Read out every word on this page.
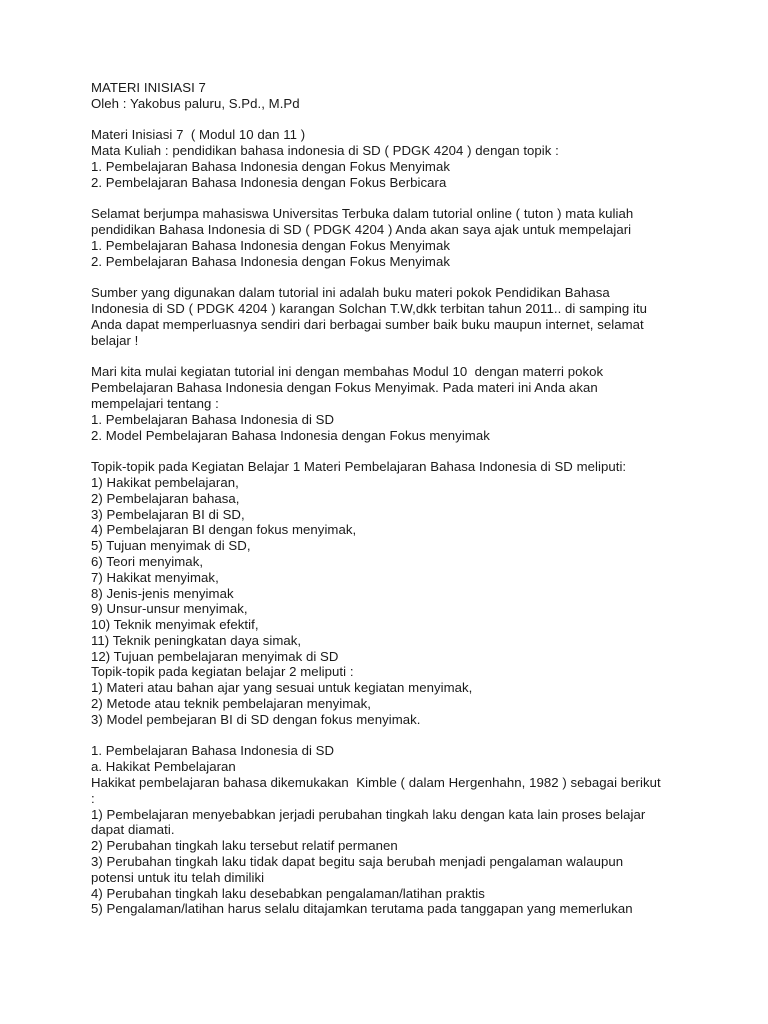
MATERI INISIASI 7
Oleh : Yakobus paluru, S.Pd., M.Pd
Materi Inisiasi 7  ( Modul 10 dan 11 )
Mata Kuliah : pendidikan bahasa indonesia di SD ( PDGK 4204 ) dengan topik :
1. Pembelajaran Bahasa Indonesia dengan Fokus Menyimak
2. Pembelajaran Bahasa Indonesia dengan Fokus Berbicara
Selamat berjumpa mahasiswa Universitas Terbuka dalam tutorial online ( tuton ) mata kuliah
pendidikan Bahasa Indonesia di SD ( PDGK 4204 ) Anda akan saya ajak untuk mempelajari
1. Pembelajaran Bahasa Indonesia dengan Fokus Menyimak
2. Pembelajaran Bahasa Indonesia dengan Fokus Menyimak
Sumber yang digunakan dalam tutorial ini adalah buku materi pokok Pendidikan Bahasa
Indonesia di SD ( PDGK 4204 ) karangan Solchan T.W,dkk terbitan tahun 2011.. di samping itu
Anda dapat memperluasnya sendiri dari berbagai sumber baik buku maupun internet, selamat
belajar !
Mari kita mulai kegiatan tutorial ini dengan membahas Modul 10  dengan materri pokok
Pembelajaran Bahasa Indonesia dengan Fokus Menyimak. Pada materi ini Anda akan
mempelajari tentang :
1. Pembelajaran Bahasa Indonesia di SD
2. Model Pembelajaran Bahasa Indonesia dengan Fokus menyimak
Topik-topik pada Kegiatan Belajar 1 Materi Pembelajaran Bahasa Indonesia di SD meliputi:
1) Hakikat pembelajaran,
2) Pembelajaran bahasa,
3) Pembelajaran BI di SD,
4) Pembelajaran BI dengan fokus menyimak,
5) Tujuan menyimak di SD,
6) Teori menyimak,
7) Hakikat menyimak,
8) Jenis-jenis menyimak
9) Unsur-unsur menyimak,
10) Teknik menyimak efektif,
11) Teknik peningkatan daya simak,
12) Tujuan pembelajaran menyimak di SD
Topik-topik pada kegiatan belajar 2 meliputi :
1) Materi atau bahan ajar yang sesuai untuk kegiatan menyimak,
2) Metode atau teknik pembelajaran menyimak,
3) Model pembejaran BI di SD dengan fokus menyimak.
1. Pembelajaran Bahasa Indonesia di SD
a. Hakikat Pembelajaran
Hakikat pembelajaran bahasa dikemukakan  Kimble ( dalam Hergenhahn, 1982 ) sebagai berikut
:
1) Pembelajaran menyebabkan jerjadi perubahan tingkah laku dengan kata lain proses belajar
dapat diamati.
2) Perubahan tingkah laku tersebut relatif permanen
3) Perubahan tingkah laku tidak dapat begitu saja berubah menjadi pengalaman walaupun
potensi untuk itu telah dimiliki
4) Perubahan tingkah laku desebabkan pengalaman/latihan praktis
5) Pengalaman/latihan harus selalu ditajamkan terutama pada tanggapan yang memerlukan
